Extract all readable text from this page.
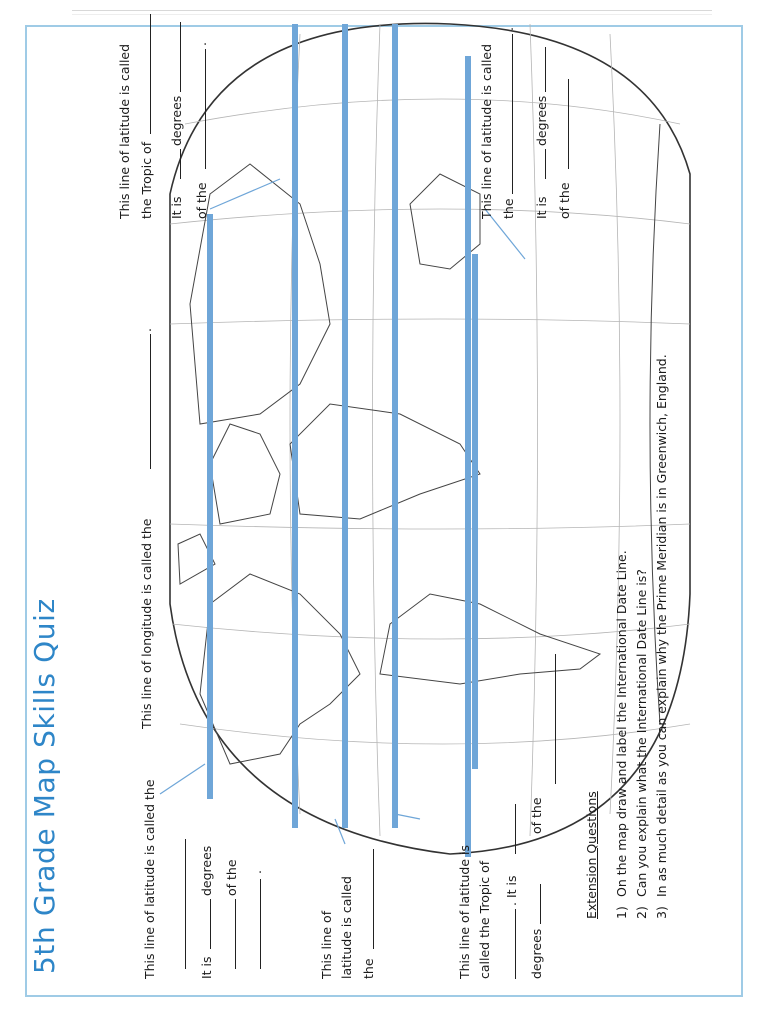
5th Grade Map Skills Quiz	This line of latitude is called the	It is
degrees of the .
This line of latitude is called the
This line of longitude is called the
.
This line of latitude is called the Tropic of . It is
degrees
of the
This line of latitude is called the Tropic of It is
degrees
of the
.	This line of latitude is called the
.
It is
degrees
of the
Extension Questions 1)On the map draw and label the International Date Line.
2)Can you explain what the International Date Line is?
3)In as much detail as you can explain why the Prime Meridian is in Greenwich, England.
